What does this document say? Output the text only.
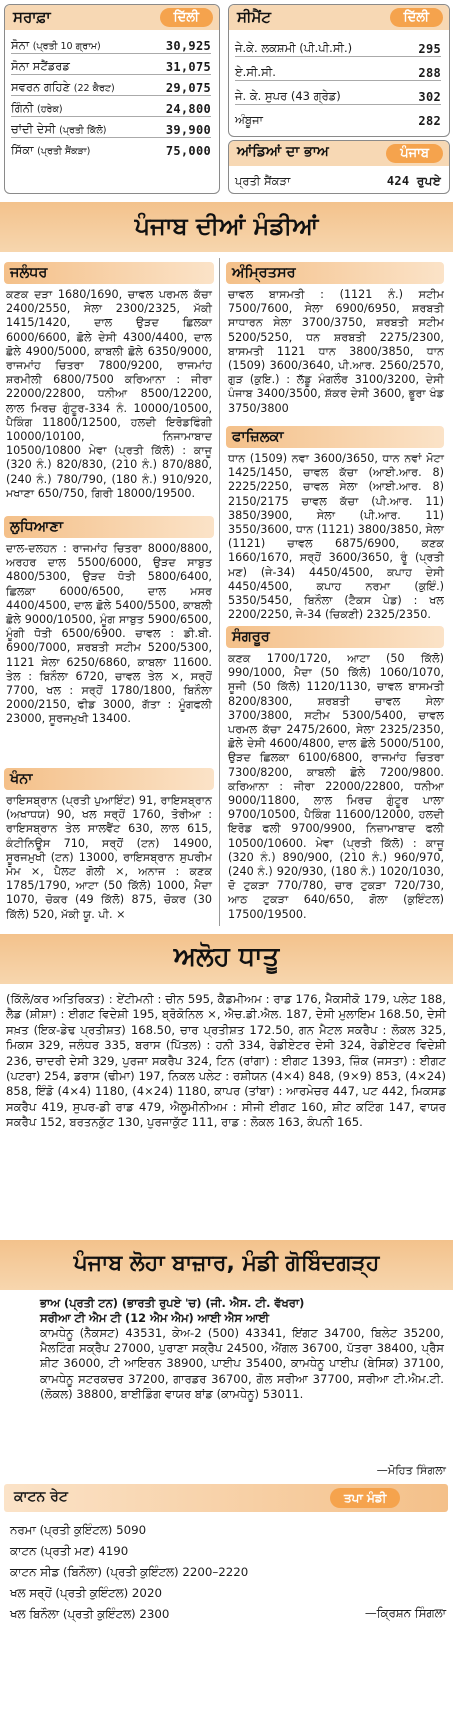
ਸਰਾਫ਼ਾ	ਦਿੱਲੀ
ਸੋਨਾ (ਪ੍ਰਤੀ 10 ਗ੍ਰਾਮ)	30,925
ਸੋਨਾ ਸਟੈਂਡਰਡ	31,075
ਸਵਰਨ ਗਹਿਣੇ (22 ਕੈਰਟ)	29,075
ਗਿੰਨੀ (ਹਰੇਕ)	24,800
ਚਾਂਦੀ ਦੇਸੀ (ਪ੍ਰਤੀ ਕਿੱਲੋ)	39,900
ਸਿੱਕਾ (ਪ੍ਰਤੀ ਸੈਂਕੜਾ)	75,000
ਸੀਮੈਂਟ	ਦਿੱਲੀ
ਜੇ.ਕੇ. ਲਕਸ਼ਮੀ (ਪੀ.ਪੀ.ਸੀ.)	295
ਏ.ਸੀ.ਸੀ.	288
ਜੇ. ਕੇ. ਸੁਪਰ (43 ਗ੍ਰੇਡ)	302
ਅੰਬੂਜਾ	282
ਆਂਡਿਆਂ ਦਾ ਭਾਅ	ਪੰਜਾਬ
ਪ੍ਰਤੀ ਸੈਂਕੜਾ	424 ਰੁਪਏ
ਪੰਜਾਬ ਦੀਆਂ ਮੰਡੀਆਂ
ਜਲੰਧਰ
ਕਣਕ ਦੜਾ 1680/1690, ਚਾਵਲ ਪਰਮਲ ਕੱਚਾ 2400/2550, ਸੇਲਾ 2300/2325, ਮੱਕੀ 1415/1420, ਦਾਲ ਉੜਦ ਛਿਲਕਾ 6000/6600, ਛੋਲੇ ਦੇਸੀ 4300/4400, ਦਾਲ ਛੋਲੇ 4900/5000, ਕਾਬਲੀ ਛੋਲੇ 6350/9000, ਰਾਜਮਾਂਹ ਚਿਤਰਾ 7800/9200, ਰਾਜਮਾਂਹ ਸ਼ਰਮੀਲੀ 6800/7500 ਕਰਿਆਨਾ : ਜੀਰਾ 22000/22800, ਧਨੀਆ 8500/12200, ਲਾਲ ਮਿਰਚ ਗੁੰਟੂਰ-334 ਨੰ. 10000/10500, ਪੈਕਿੰਗ 11800/12500, ਹਲਦੀ ਇਰੋਡਫਿੰਗੀ 10000/10100, ਨਿਜਾਮਾਬਾਦ 10500/10800 ਮੇਵਾ (ਪ੍ਰਤੀ ਕਿੱਲੋ) : ਕਾਜੂ (320 ਨੰ.) 820/830, (210 ਨੰ.) 870/880, (240 ਨੰ.) 780/790, (180 ਨੰ.) 910/920, ਮਖਾਣਾ 650/750, ਗਿਰੀ 18000/19500.
ਲੁਧਿਆਣਾ
ਦਾਲ-ਦਲਹਨ : ਰਾਜਮਾਂਹ ਚਿਤਰਾ 8000/8800, ਅਰਹਰ ਦਾਲ 5500/6000, ਉੜਦ ਸਾਬੁਤ 4800/5300, ਉੜਦ ਧੋਤੀ 5800/6400, ਛਿਲਕਾ 6000/6500, ਦਾਲ ਮਸਰ 4400/4500, ਦਾਲ ਛੋਲੇ 5400/5500, ਕਾਬਲੀ ਛੋਲੇ 9000/10500, ਮੂੰਗ ਸਾਬੁਤ 5900/6500, ਮੂੰਗੀ ਧੋਤੀ 6500/6900. ਚਾਵਲ : ਡੀ.ਬੀ. 6900/7000, ਸ਼ਰਬਤੀ ਸਟੀਮ 5200/5300, 1121 ਸੇਲਾ 6250/6860, ਕਾਬਲਾ 11600. ਤੇਲ : ਬਿਨੌਲਾ 6720, ਚਾਵਲ ਤੇਲ ×, ਸਰ੍ਹੋਂ 7700, ਖਲ : ਸਰ੍ਹੋਂ 1780/1800, ਬਿਨੌਲਾ 2000/2150, ਫੀਡ 3000, ਗੱਤਾ : ਮੂੰਗਫਲੀ 23000, ਸੂਰਜਮੁਖੀ 13400.
ਖੰਨਾ
ਰਾਇਸਬ੍ਰਾਨ (ਪ੍ਰਤੀ ਪੁਆਇੰਟ) 91, ਰਾਇਸਬ੍ਰਾਨ (ਅਖਾਧਯ) 90, ਖਲ ਸਰ੍ਹੋਂ 1760, ਤੋਰੀਆ : ਰਾਇਸਬ੍ਰਾਨ ਤੇਲ ਸਾਲਵੈਂਟ 630, ਲਾਲ 615, ਕੰਟੀਨਿਊਸ 710, ਸਰ੍ਹੋਂ (ਟਨ) 14900, ਸੂਰਜਮੁਖੀ (ਟਨ) 13000, ਰਾਇਸਬ੍ਰਾਨ ਸੁਪਰੀਮ ਮੋਮ ×, ਪੈਲਟ ਗੋਲੀ ×, ਅਨਾਜ : ਕਣਕ 1785/1790, ਆਟਾ (50 ਕਿੱਲੋ) 1000, ਮੈਦਾ 1070, ਚੋਕਰ (49 ਕਿੱਲੋ) 875, ਚੋਕਰ (30 ਕਿੱਲੋ) 520, ਮੱਕੀ ਯੂ. ਪੀ. ×
ਅੰਮ੍ਰਿਤਸਰ
ਚਾਵਲ ਬਾਸਮਤੀ : (1121 ਨੰ.) ਸਟੀਮ 7500/7600, ਸੇਲਾ 6900/6950, ਸ਼ਰਬਤੀ ਸਾਧਾਰਨ ਸੇਲਾ 3700/3750, ਸ਼ਰਬਤੀ ਸਟੀਮ 5200/5250, ਧਨ ਸ਼ਰਬਤੀ 2275/2300, ਬਾਸਮਤੀ 1121 ਧਾਨ 3800/3850, ਧਾਨ (1509) 3600/3640, ਪੀ.ਆਰ. 2560/2570, ਗੁੜ (ਕੁਇ.) : ਲੱਡੂ ਮੰਗਲੌਰ 3100/3200, ਦੇਸੀ ਪੰਜਾਬ 3400/3500, ਸ਼ੱਕਰ ਦੇਸੀ 3600, ਭੂਰਾ ਖੰਡ 3750/3800
ਫਾਜ਼ਿਲਕਾ
ਧਾਨ (1509) ਨਵਾ 3600/3650, ਧਾਨ ਨਵਾਂ ਮੋਟਾ 1425/1450, ਚਾਵਲ ਕੱਚਾ (ਆਈ.ਆਰ. 8) 2225/2250, ਚਾਵਲ ਸੇਲਾ (ਆਈ.ਆਰ. 8) 2150/2175 ਚਾਵਲ ਕੱਚਾ (ਪੀ.ਆਰ. 11) 3850/3900, ਸੇਲਾ (ਪੀ.ਆਰ. 11) 3550/3600, ਧਾਨ (1121) 3800/3850, ਸੇਲਾ (1121) ਚਾਵਲ 6875/6900, ਕਣਕ 1660/1670, ਸਰ੍ਹੋਂ 3600/3650, ਰੂੰ (ਪ੍ਰਤੀ ਮਣ) (ਜੇ-34) 4450/4500, ਕਪਾਹ ਦੇਸੀ 4450/4500, ਕਪਾਹ ਨਰਮਾ (ਕੁਇੰ.) 5350/5450, ਬਿਨੌਲਾ (ਟੈਕਸ ਪੇਡ) : ਖਲ 2200/2250, ਜੇ-34 (ਚਿਕਣੀ) 2325/2350.
ਸੰਗਰੂਰ
ਕਣਕ 1700/1720, ਆਟਾ (50 ਕਿੱਲੋ) 990/1000, ਮੈਦਾ (50 ਕਿੱਲੋ) 1060/1070, ਸੂਜੀ (50 ਕਿੱਲੋ) 1120/1130, ਚਾਵਲ ਬਾਸਮਤੀ 8200/8300, ਸ਼ਰਬਤੀ ਚਾਵਲ ਸੇਲਾ 3700/3800, ਸਟੀਮ 5300/5400, ਚਾਵਲ ਪਰਮਲ ਕੱਚਾ 2475/2600, ਸੇਲਾ 2325/2350, ਛੋਲੇ ਦੇਸੀ 4600/4800, ਦਾਲ ਛੋਲੇ 5000/5100, ਉੜਦ ਛਿਲਕਾ 6100/6800, ਰਾਜਮਾਂਹ ਚਿਤਰਾ 7300/8200, ਕਾਬਲੀ ਛੋਲੇ 7200/9800. ਕਰਿਆਨਾ : ਜੀਰਾ 22000/22800, ਧਨੀਆ 9000/11800, ਲਾਲ ਮਿਰਚ ਗੁੰਟੂਰ ਪਾਲਾ 9700/10500, ਪੈਕਿੰਗ 11600/12000, ਹਲਦੀ ਇਰੋਡ ਫਲੀ 9700/9900, ਨਿਜ਼ਾਮਾਬਾਦ ਫਲੀ 10500/10600. ਮੇਵਾ (ਪ੍ਰਤੀ ਕਿੱਲੋ) : ਕਾਜੂ (320 ਨੰ.) 890/900, (210 ਨੰ.) 960/970, (240 ਨੰ.) 920/930, (180 ਨੰ.) 1020/1030, ਦੋ ਟੁਕੜਾ 770/780, ਚਾਰ ਟੁਕੜਾ 720/730, ਆਠ ਟੁਕੜਾ 640/650, ਗੋਲਾ (ਕੁਇੰਟਲ) 17500/19500.
ਅਲੋਹ ਧਾਤੂ
(ਕਿੱਲੋ/ਕਰ ਅਤਿਰਿਕਤ) : ਏਂਟੀਮਨੀ : ਚੀਨ 595, ਕੈਡਮੀਅਮ : ਰਾਡ 176, ਮੈਕਸੀਕੋ 179, ਪਲੇਟ 188, ਲੈਡ (ਸ਼ੀਸ਼ਾ) : ਈਗਟ ਵਿਦੇਸ਼ੀ 195, ਬ੍ਰੋਕੋਨਿਲ ×, ਐਚ.ਡੀ.ਐਲ. 187, ਦੇਸੀ ਮੁਲਾਇਮ 168.50, ਦੇਸੀ ਸਖ਼ਤ (ਇਕ-ਡੇਢ ਪ੍ਰਤੀਸ਼ਤ) 168.50, ਚਾਰ ਪ੍ਰਤੀਸ਼ਤ 172.50, ਗਨ ਮੈਟਲ ਸਕਰੈਪ : ਲੋਕਲ 325, ਮਿਕਸ 329, ਜਲੰਧਰ 335, ਬਰਾਸ (ਪਿੱਤਲ) : ਹਨੀ 334, ਰੇਡੀਏਟਰ ਦੇਸੀ 324, ਰੇਡੀਏਟਰ ਵਿਦੇਸ਼ੀ 236, ਚਾਦਰੀ ਦੇਸੀ 329, ਪੁਰਜਾ ਸਕਰੈਪ 324, ਟਿਨ (ਰਾਂਗਾ) : ਈਗਟ 1393, ਜ਼ਿੰਕ (ਜਸਤਾ) : ਈਗਟ (ਪਟਰਾ) 254, ਡਰਾਸ (ਢੀਮਾ) 197, ਨਿਕਲ ਪਲੇਟ : ਰਸ਼ੀਯਨ (4×4) 848, (9×9) 853, (4×24) 858, ਇੰਡੋ (4×4) 1180, (4×24) 1180, ਕਾਪਰ (ਤਾਂਬਾ) : ਆਰਮੇਚਰ 447, ਪਟ 442, ਮਿਕਸਡ ਸਕਰੈਪ 419, ਸੁਪਰ-ਡੀ ਰਾਡ 479, ਐਲੂਮੀਨੀਅਮ : ਸੀਜੀ ਈਗਟ 160, ਸ਼ੀਟ ਕਟਿੰਗ 147, ਵਾਯਰ ਸਕਰੈਪ 152, ਬਰਤਨਕੁੱਟ 130, ਪੁਰਜਾਕੁੱਟ 111, ਰਾਡ : ਲੋਕਲ 163, ਕੰਪਨੀ 165.
ਪੰਜਾਬ ਲੋਹਾ ਬਾਜ਼ਾਰ, ਮੰਡੀ ਗੋਬਿੰਦਗੜ੍ਹ
ਭਾਅ (ਪ੍ਰਤੀ ਟਨ) (ਭਾਰਤੀ ਰੁਪਏ 'ਚ) (ਜੀ. ਐਸ. ਟੀ. ਵੱਖਰਾ)
ਸਰੀਆ ਟੀ ਐਮ ਟੀ (12 ਐਮ ਐਮ) ਆਈ ਐਸ ਆਈ
ਕਾਮਧੇਨੂ (ਨੈਕਸਟ) 43531, ਕੇਅ-2 (500) 43341, ਇਂਗਟ 34700, ਬਿਲੇਟ 35200, ਮੈਲਟਿੰਗ ਸਕ੍ਰੈਪ 27000, ਪੁਰਾਣਾ ਸਕ੍ਰੈਪ 24500, ਐਂਗਲ 36700, ਪੱਤਰਾ 38400, ਪ੍ਰੈਸ ਸ਼ੀਟ 36000, ਟੀ ਆਇਰਨ 38900, ਪਾਈਪ 35400, ਕਾਮਧੇਨੂ ਪਾਈਪ (ਬੇਸਿਕ) 37100, ਕਾਮਧੇਨੂ ਸਟਰਕਚਰ 37200, ਗਾਰਡਰ 36700, ਗੋਲ ਸਰੀਆ 37700, ਸਰੀਆ ਟੀ.ਐਮ.ਟੀ. (ਲੋਕਲ) 38800, ਬਾਈਡਿੰਗ ਵਾਯਰ ਬਾਂਡ (ਕਾਮਧੇਨੂ) 53011.
—ਮੋਹਿਤ ਸਿੰਗਲਾ
ਕਾਟਨ ਰੇਟ	ਤਪਾ ਮੰਡੀ
ਨਰਮਾ (ਪ੍ਰਤੀ ਕੁਇੰਟਲ) 5090
ਕਾਟਨ (ਪ੍ਰਤੀ ਮਣ) 4190
ਕਾਟਨ ਸੀਡ (ਬਿਨੌਲਾ) (ਪ੍ਰਤੀ ਕੁਇੰਟਲ) 2200–2220
ਖਲ ਸਰ੍ਹੋਂ (ਪ੍ਰਤੀ ਕੁਇੰਟਲ) 2020
ਖਲ ਬਿਨੌਲਾ (ਪ੍ਰਤੀ ਕੁਇੰਟਲ) 2300	—ਕ੍ਰਿਸ਼ਨ ਸਿੰਗਲਾ
